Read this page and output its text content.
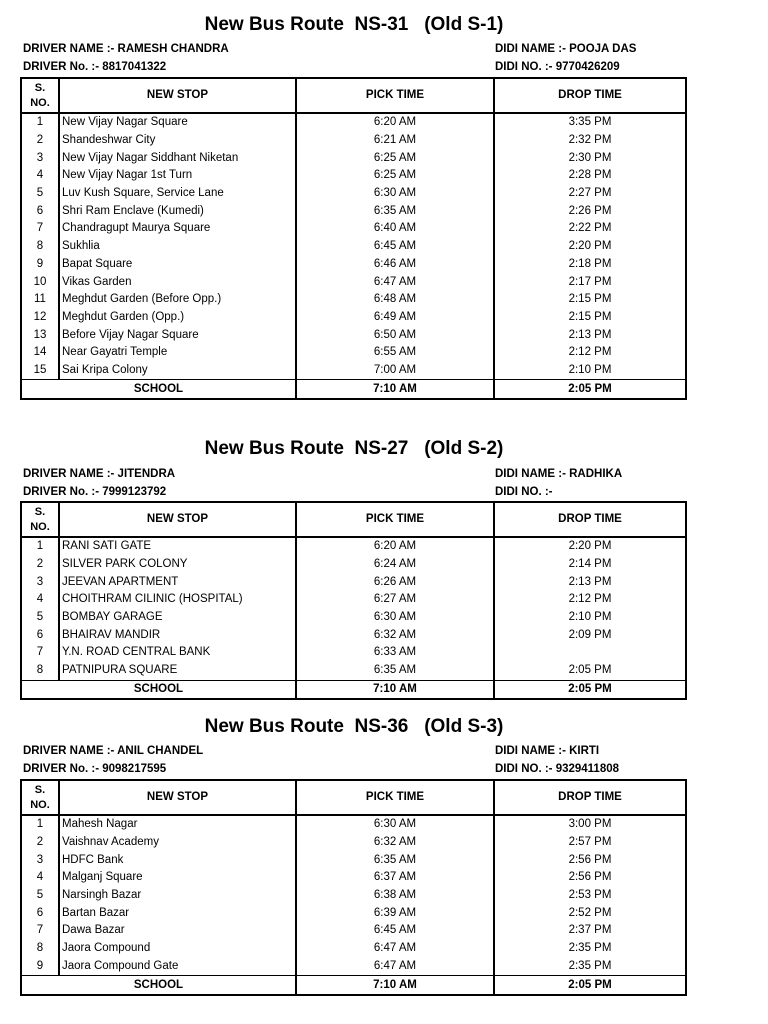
New Bus Route  NS-31   (Old S-1)
DRIVER NAME :- RAMESH CHANDRA
DRIVER No. :- 8817041322
DIDI NAME :- POOJA DAS
DIDI NO. :- 9770426209
S.
NO.	NEW STOP	PICK TIME	DROP TIME
1	New Vijay Nagar Square	6:20 AM	3:35 PM
2	Shandeshwar City	6:21 AM	2:32 PM
3	New Vijay Nagar Siddhant Niketan	6:25 AM	2:30 PM
4	New Vijay Nagar 1st Turn	6:25 AM	2:28 PM
5	Luv Kush Square, Service Lane	6:30 AM	2:27 PM
6	Shri Ram Enclave (Kumedi)	6:35 AM	2:26 PM
7	Chandragupt Maurya Square	6:40 AM	2:22 PM
8	Sukhlia	6:45 AM	2:20 PM
9	Bapat Square	6:46 AM	2:18 PM
10	Vikas Garden	6:47 AM	2:17 PM
11	Meghdut Garden (Before Opp.)	6:48 AM	2:15 PM
12	Meghdut Garden (Opp.)	6:49 AM	2:15 PM
13	Before Vijay Nagar Square	6:50 AM	2:13 PM
14	Near Gayatri Temple	6:55 AM	2:12 PM
15	Sai Kripa Colony	7:00 AM	2:10 PM
SCHOOL		7:10 AM	2:05 PM
New Bus Route  NS-27   (Old S-2)
DRIVER NAME :- JITENDRA
DRIVER No. :- 7999123792
DIDI NAME :- RADHIKA
DIDI NO. :-
S.
NO.	NEW STOP	PICK TIME	DROP TIME
1	RANI SATI GATE	6:20 AM	2:20 PM
2	SILVER PARK COLONY	6:24 AM	2:14 PM
3	JEEVAN APARTMENT	6:26 AM	2:13 PM
4	CHOITHRAM CILINIC (HOSPITAL)	6:27 AM	2:12 PM
5	BOMBAY GARAGE	6:30 AM	2:10 PM
6	BHAIRAV MANDIR	6:32 AM	2:09 PM
7	Y.N. ROAD CENTRAL BANK	6:33 AM	
8	PATNIPURA SQUARE	6:35 AM	2:05 PM
SCHOOL		7:10 AM	2:05 PM
New Bus Route  NS-36   (Old S-3)
DRIVER NAME :- ANIL CHANDEL
DRIVER No. :- 9098217595
DIDI NAME :- KIRTI
DIDI NO. :- 9329411808
S.
NO.	NEW STOP	PICK TIME	DROP TIME
1	Mahesh Nagar	6:30 AM	3:00 PM
2	Vaishnav Academy	6:32 AM	2:57 PM
3	HDFC Bank	6:35 AM	2:56 PM
4	Malganj Square	6:37 AM	2:56 PM
5	Narsingh Bazar	6:38 AM	2:53 PM
6	Bartan Bazar	6:39 AM	2:52 PM
7	Dawa Bazar	6:45 AM	2:37 PM
8	Jaora Compound	6:47 AM	2:35 PM
9	Jaora Compound Gate	6:47 AM	2:35 PM
SCHOOL		7:10 AM	2:05 PM
